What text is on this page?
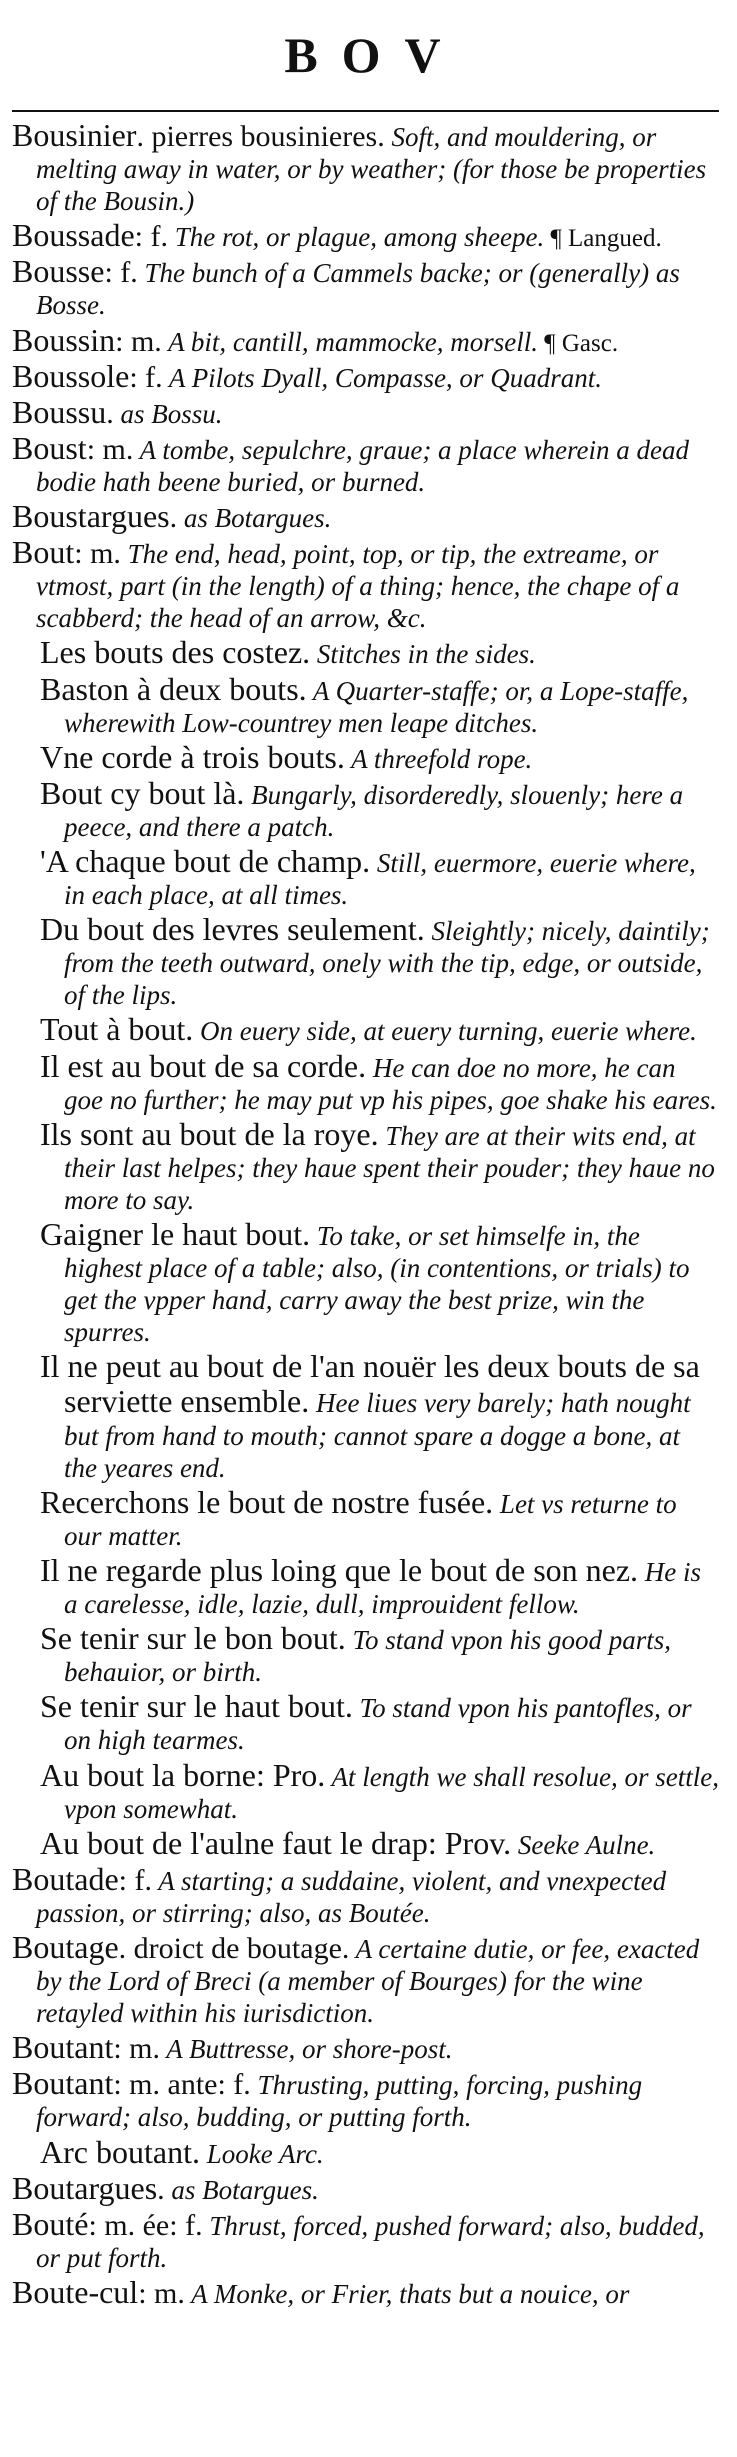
BOV
Bousinier. pierres bousinieres. Soft, and mouldering, or melting away in water, or by weather; (for those be properties of the Bousin.)
Boussade: f. The rot, or plague, among sheepe. ¶ Langued.
Bousse: f. The bunch of a Cammels backe; or (generally) as Bosse.
Boussin: m. A bit, cantill, mammocke, morsell. ¶ Gasc.
Boussole: f. A Pilots Dyall, Compasse, or Quadrant.
Boussu. as Bossu.
Boust: m. A tombe, sepulchre, graue; a place wherein a dead bodie hath beene buried, or burned.
Boustargues. as Botargues.
Bout: m. The end, head, point, top, or tip, the extreame, or vtmost, part (in the length) of a thing; hence, the chape of a scabberd; the head of an arrow, &c.
Les bouts des costez. Stitches in the sides.
Baston à deux bouts. A Quarter-staffe; or, a Lope-staffe, wherewith Low-countrey men leape ditches.
Vne corde à trois bouts. A threefold rope.
Bout cy bout là. Bungarly, disorderedly, slouenly; here a peece, and there a patch.
'A chaque bout de champ. Still, euermore, euerie where, in each place, at all times.
Du bout des levres seulement. Sleightly; nicely, daintily; from the teeth outward, onely with the tip, edge, or outside, of the lips.
Tout à bout. On euery side, at euery turning, euerie where.
Il est au bout de sa corde. He can doe no more, he can goe no further; he may put vp his pipes, goe shake his eares.
Ils sont au bout de la roye. They are at their wits end, at their last helpes; they haue spent their pouder; they haue no more to say.
Gaigner le haut bout. To take, or set himselfe in, the highest place of a table; also, (in contentions, or trials) to get the vpper hand, carry away the best prize, win the spurres.
Il ne peut au bout de l'an nouër les deux bouts de sa serviette ensemble. Hee liues very barely; hath nought but from hand to mouth; cannot spare a dogge a bone, at the yeares end.
Recerchons le bout de nostre fusée. Let vs returne to our matter.
Il ne regarde plus loing que le bout de son nez. He is a carelesse, idle, lazie, dull, improuident fellow.
Se tenir sur le bon bout. To stand vpon his good parts, behauior, or birth.
Se tenir sur le haut bout. To stand vpon his pantofles, or on high tearmes.
Au bout la borne: Pro. At length we shall resolue, or settle, vpon somewhat.
Au bout de l'aulne faut le drap: Prov. Seeke Aulne.
Boutade: f. A starting; a suddaine, violent, and vnexpected passion, or stirring; also, as Boutée.
Boutage. droict de boutage. A certaine dutie, or fee, exacted by the Lord of Breci (a member of Bourges) for the wine retayled within his iurisdiction.
Boutant: m. A Buttresse, or shore-post.
Boutant: m. ante: f. Thrusting, putting, forcing, pushing forward; also, budding, or putting forth.
Arc boutant. Looke Arc.
Boutargues. as Botargues.
Bouté: m. ée: f. Thrust, forced, pushed forward; also, budded, or put forth.
Boute-cul: m. A Monke, or Frier, thats but a nouice, or
